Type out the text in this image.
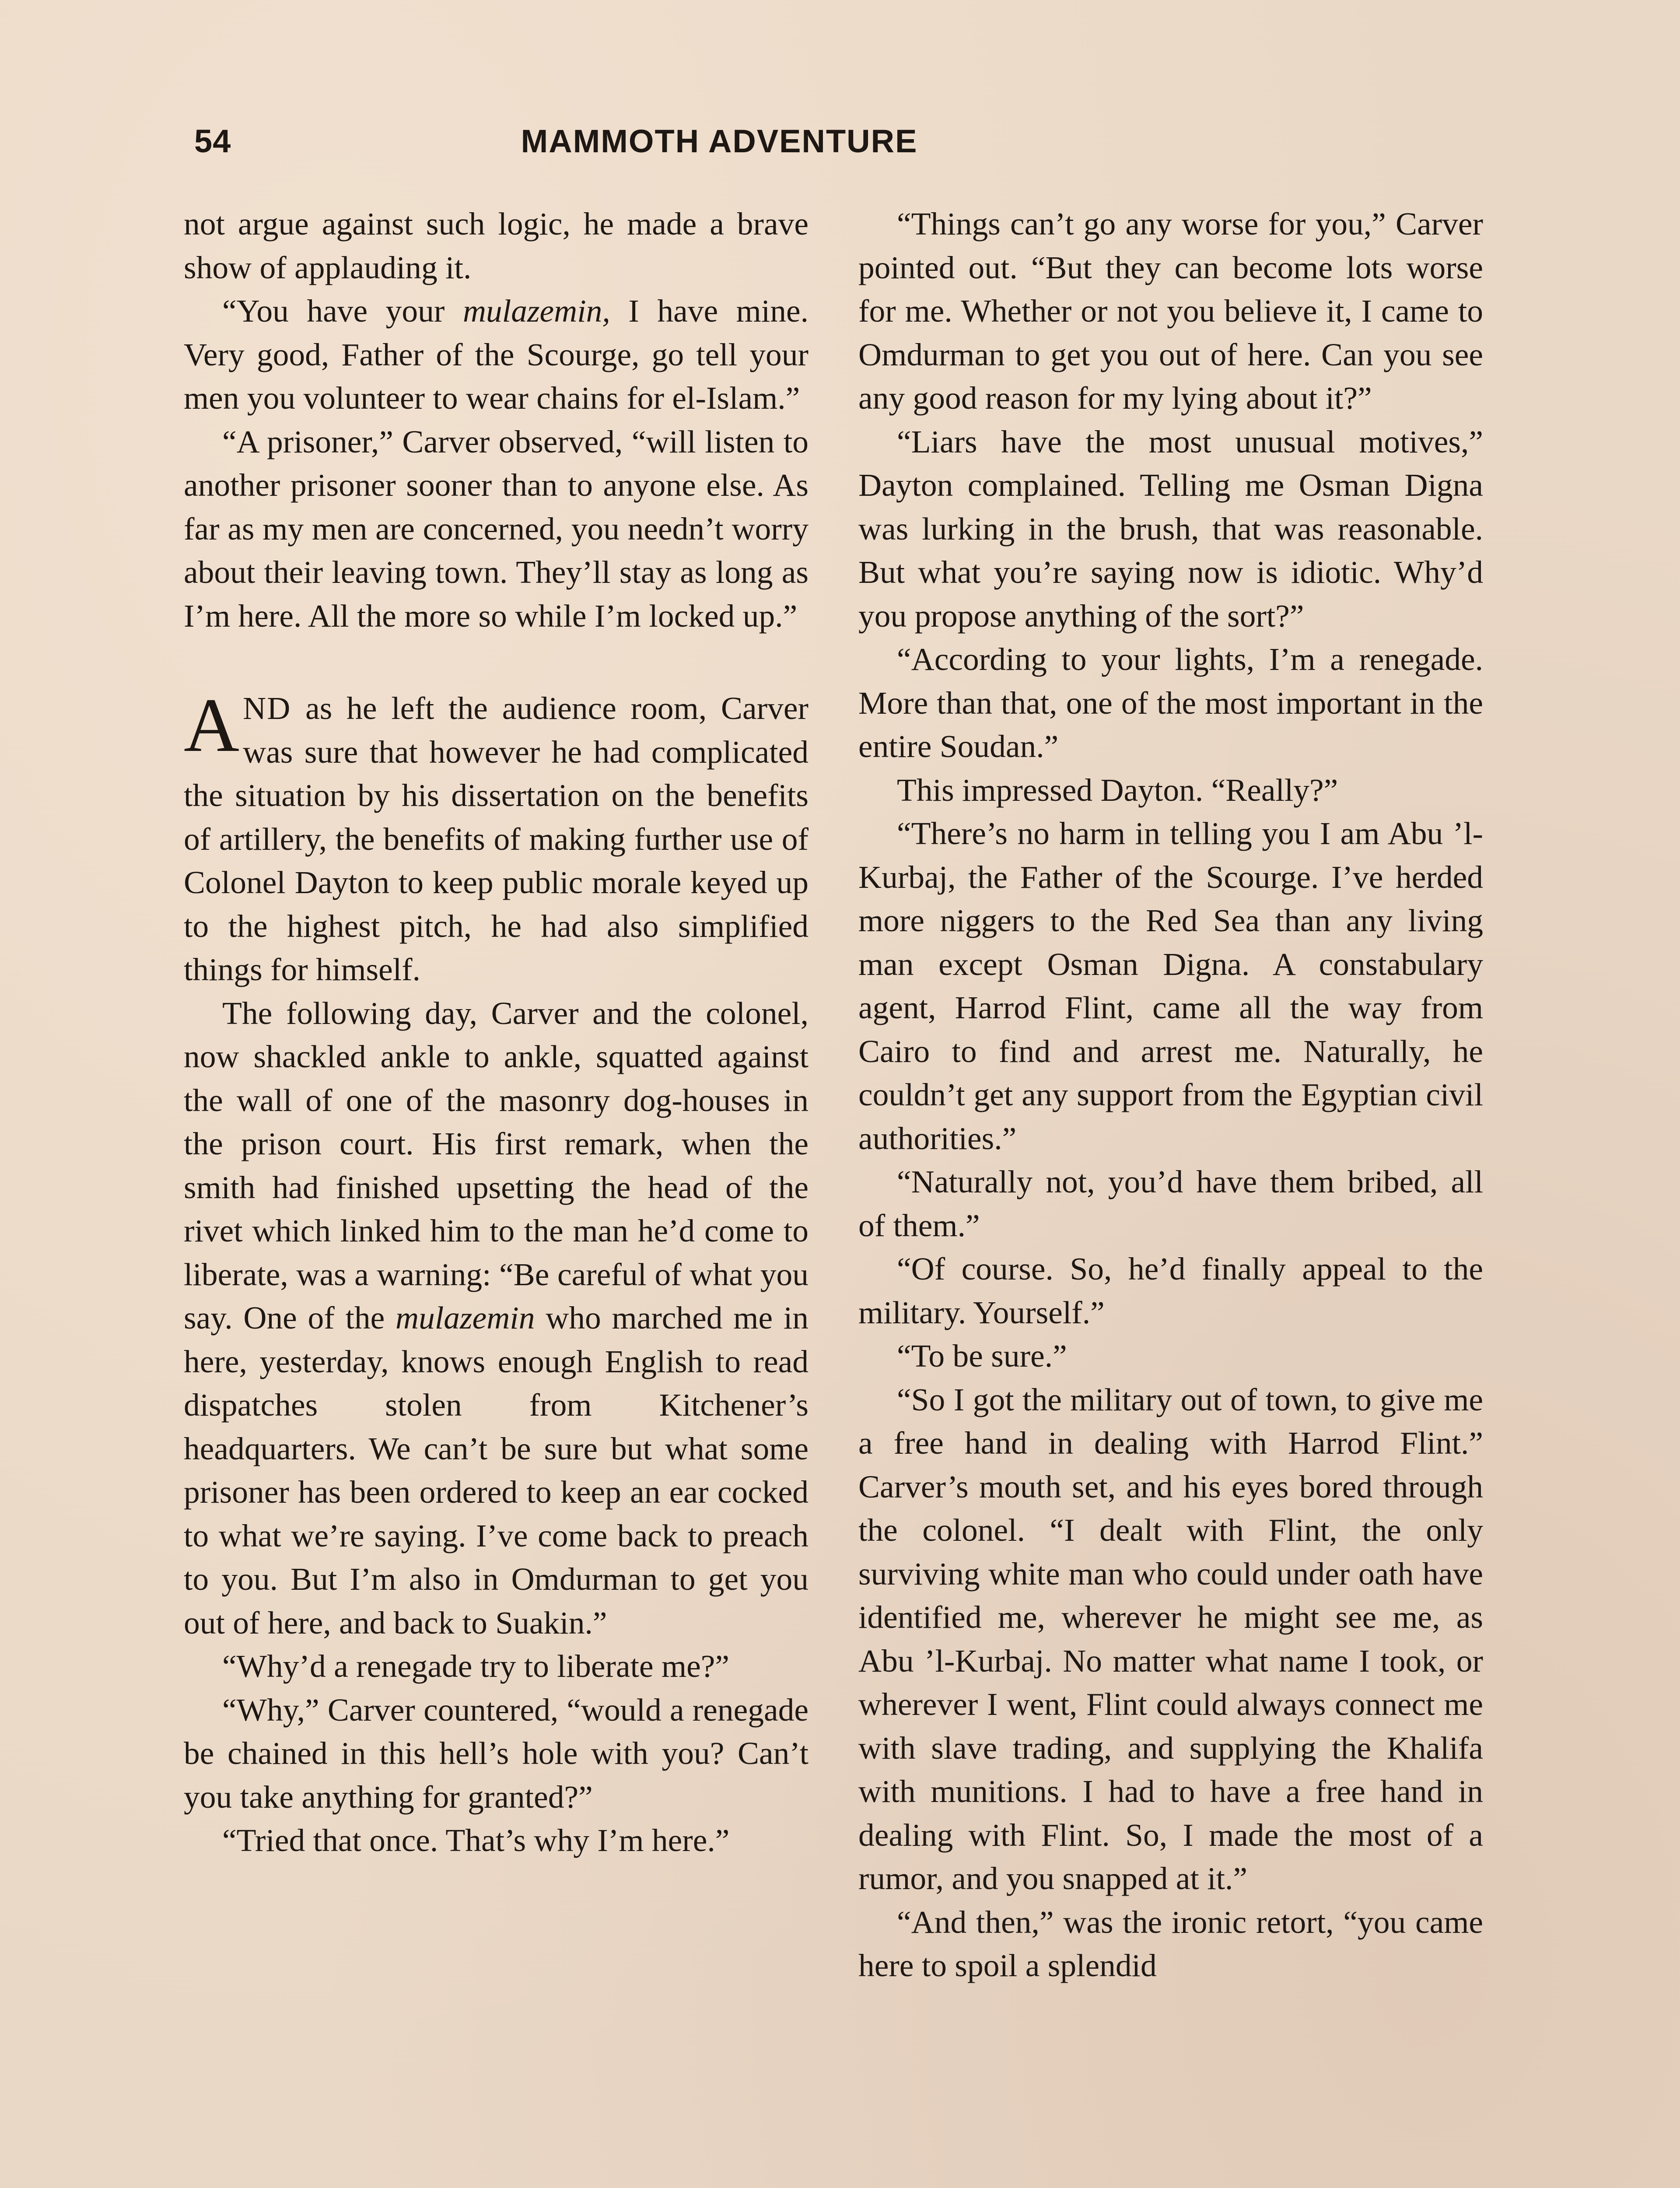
54	MAMMOTH ADVENTURE

not argue against such logic, he made a brave show of applauding it.

“You have your mulazemin, I have mine. Very good, Father of the Scourge, go tell your men you volunteer to wear chains for el-Islam.”

“A prisoner,” Carver observed, “will listen to another prisoner sooner than to anyone else. As far as my men are concerned, you needn’t worry about their leaving town. They’ll stay as long as I’m here. All the more so while I’m locked up.”

AND as he left the audience room, Carver was sure that however he had complicated the situation by his dissertation on the benefits of artillery, the benefits of making further use of Colonel Dayton to keep public morale keyed up to the highest pitch, he had also simplified things for himself.

The following day, Carver and the colonel, now shackled ankle to ankle, squatted against the wall of one of the masonry dog-houses in the prison court. His first remark, when the smith had finished upsetting the head of the rivet which linked him to the man he’d come to liberate, was a warning: “Be careful of what you say. One of the mulazemin who marched me in here, yesterday, knows enough English to read dispatches stolen from Kitchener’s headquarters. We can’t be sure but what some prisoner has been ordered to keep an ear cocked to what we’re saying. I’ve come back to preach to you. But I’m also in Omdurman to get you out of here, and back to Suakin.”

“Why’d a renegade try to liberate me?”

“Why,” Carver countered, “would a renegade be chained in this hell’s hole with you? Can’t you take anything for granted?”

“Tried that once. That’s why I’m here.”

“Things can’t go any worse for you,” Carver pointed out. “But they can become lots worse for me. Whether or not you believe it, I came to Omdurman to get you out of here. Can you see any good reason for my lying about it?”

“Liars have the most unusual motives,” Dayton complained. Telling me Osman Digna was lurking in the brush, that was reasonable. But what you’re saying now is idiotic. Why’d you propose anything of the sort?”

“According to your lights, I’m a renegade. More than that, one of the most important in the entire Soudan.”

This impressed Dayton. “Really?”

“There’s no harm in telling you I am Abu ’l-Kurbaj, the Father of the Scourge. I’ve herded more niggers to the Red Sea than any living man except Osman Digna. A constabulary agent, Harrod Flint, came all the way from Cairo to find and arrest me. Naturally, he couldn’t get any support from the Egyptian civil authorities.”

“Naturally not, you’d have them bribed, all of them.”

“Of course. So, he’d finally appeal to the military. Yourself.”

“To be sure.”

“So I got the military out of town, to give me a free hand in dealing with Harrod Flint.” Carver’s mouth set, and his eyes bored through the colonel. “I dealt with Flint, the only surviving white man who could under oath have identified me, wherever he might see me, as Abu ’l-Kurbaj. No matter what name I took, or wherever I went, Flint could always connect me with slave trading, and supplying the Khalifa with munitions. I had to have a free hand in dealing with Flint. So, I made the most of a rumor, and you snapped at it.”

“And then,” was the ironic retort, “you came here to spoil a splendid
